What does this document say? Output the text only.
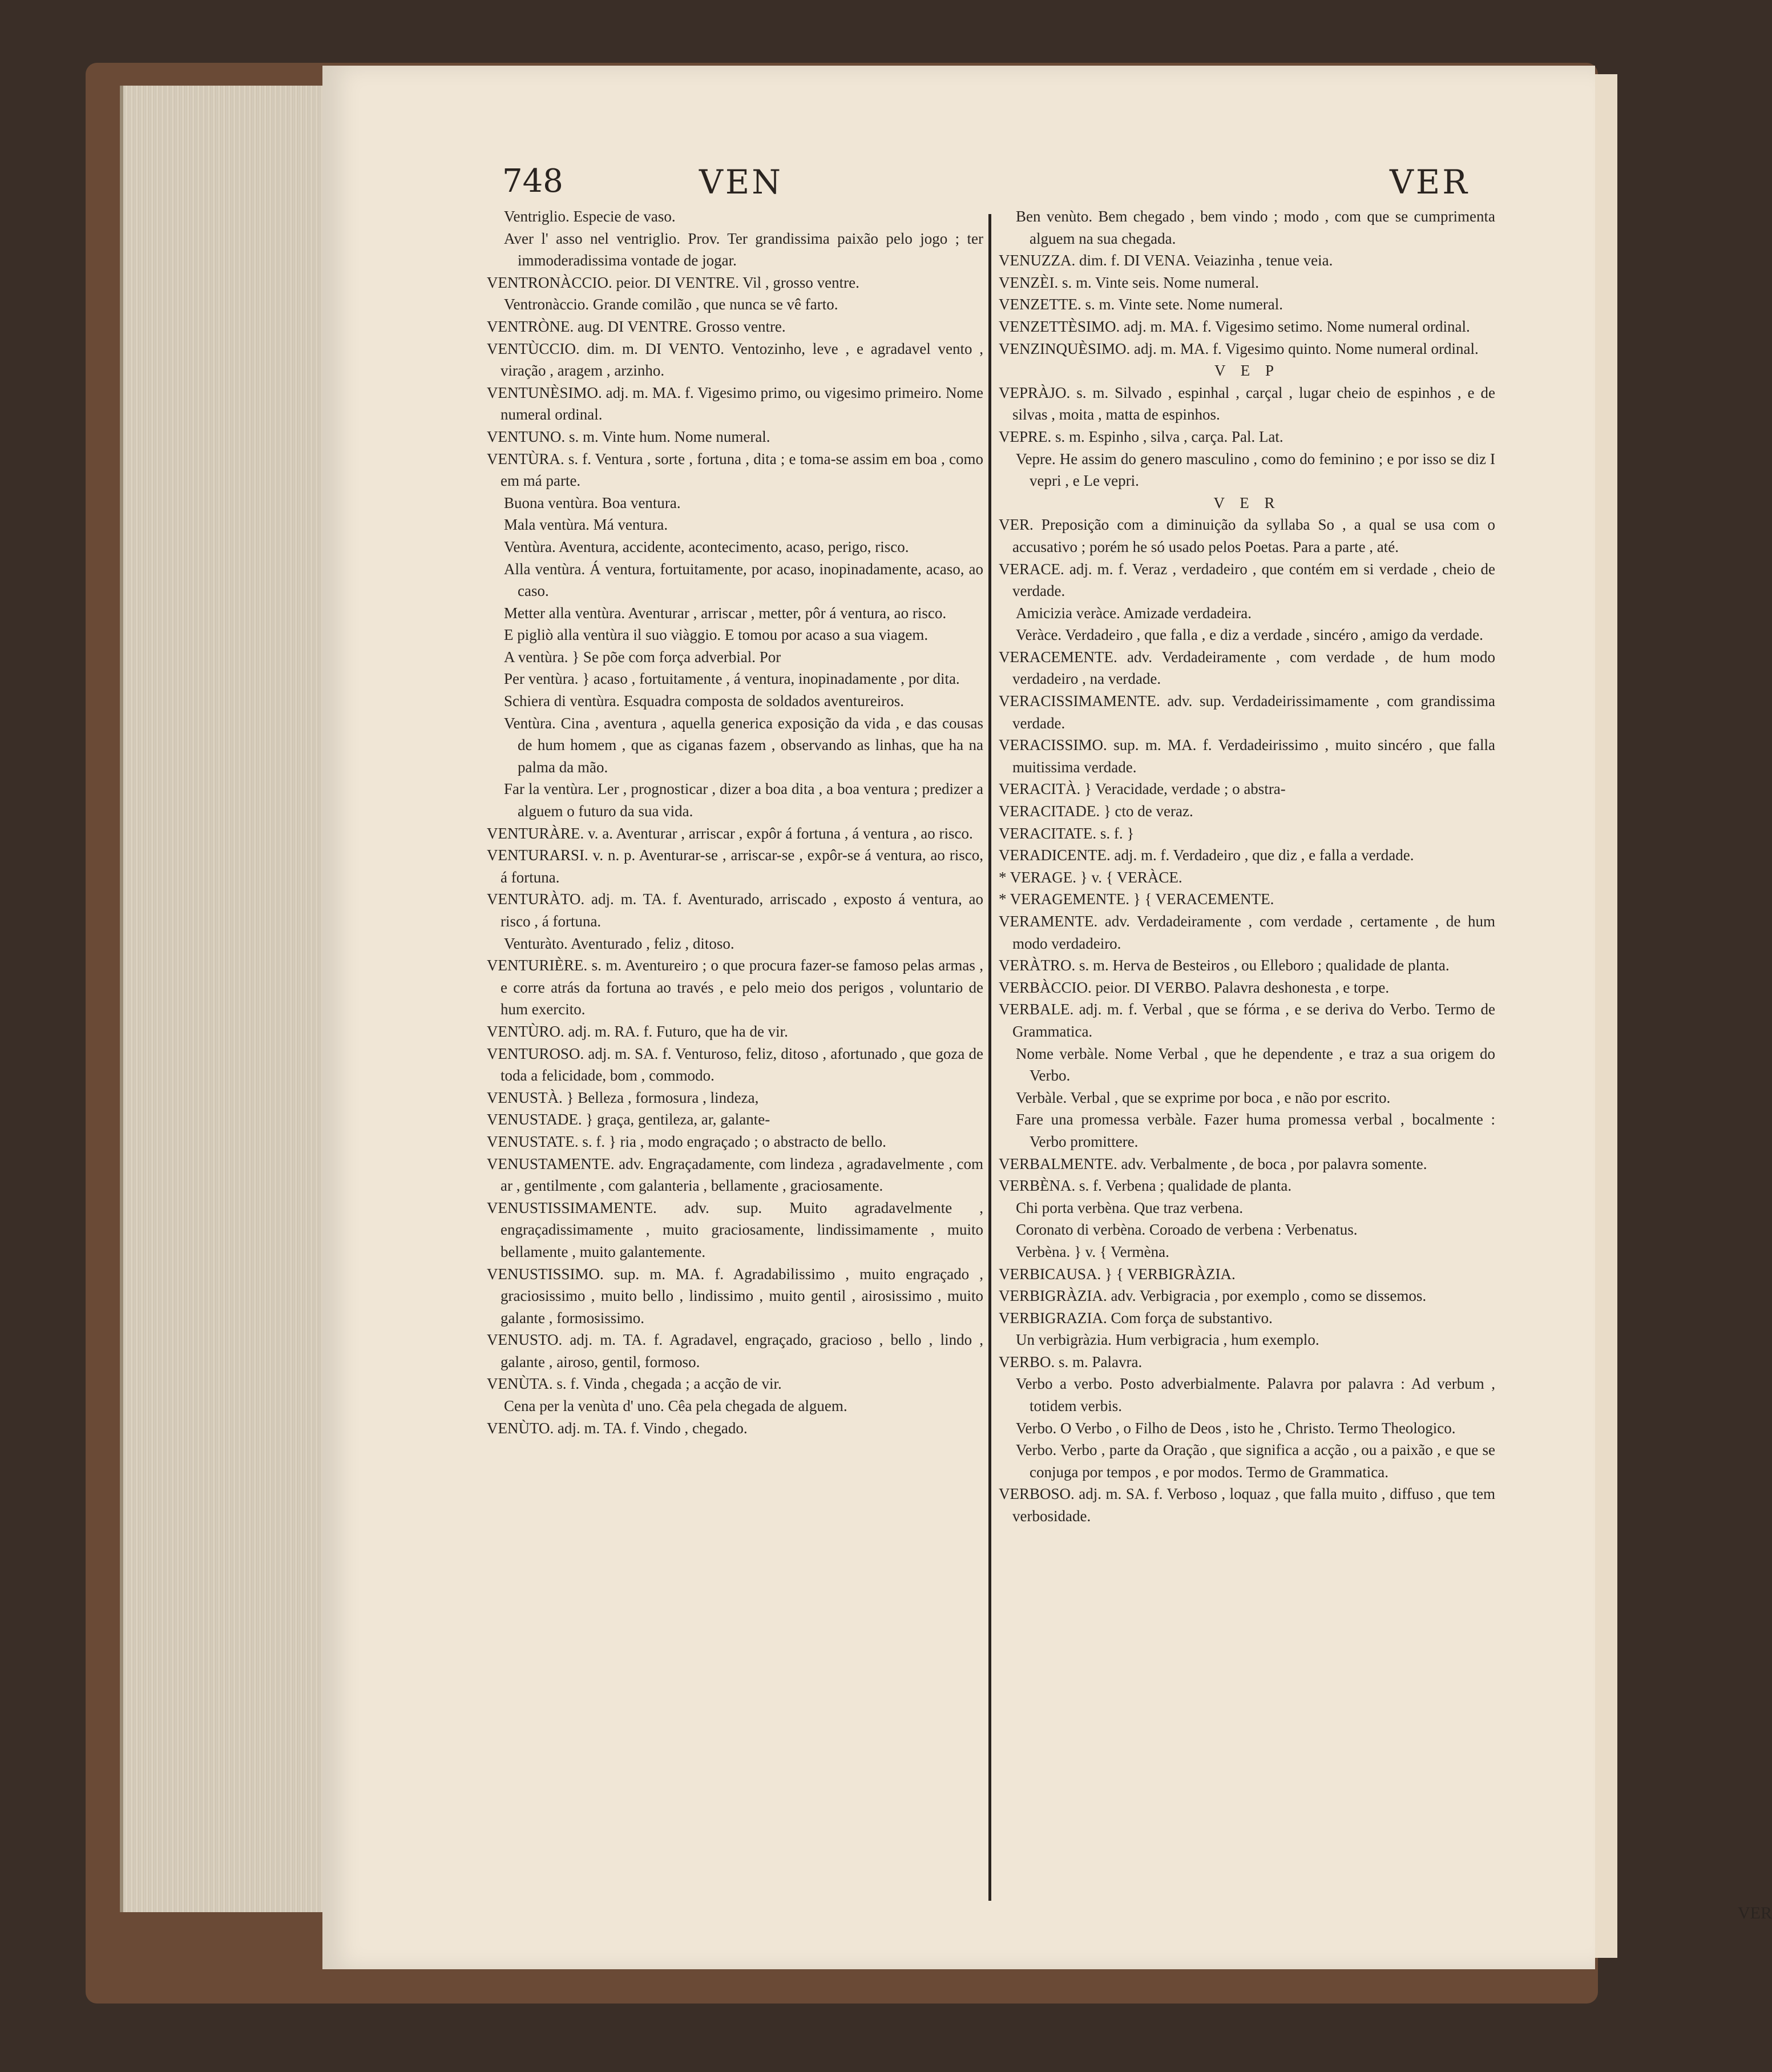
748	VEN	VER

Ventriglio. Especie de vaso.

Aver l' asso nel ventriglio. Prov. Ter grandissima paixão pelo jogo ; ter immoderadissima vontade de jogar.

VENTRONÀCCIO. peior. DI VENTRE. Vil , grosso ventre.

Ventronàccio. Grande comilão , que nunca se vê farto.

VENTRÒNE. aug. DI VENTRE. Grosso ventre.

VENTÙCCIO. dim. m. DI VENTO. Ventozinho, leve , e agradavel vento , viração , aragem , arzinho.

VENTUNÈSIMO. adj. m. MA. f. Vigesimo primo, ou vigesimo primeiro. Nome numeral ordinal.

VENTUNO. s. m. Vinte hum. Nome numeral.

VENTÙRA. s. f. Ventura , sorte , fortuna , dita ; e toma-se assim em boa , como em má parte.

Buona ventùra. Boa ventura.

Mala ventùra. Má ventura.

Ventùra. Aventura, accidente, acontecimento, acaso, perigo, risco.

Alla ventùra. Á ventura, fortuitamente, por acaso, inopinadamente, acaso, ao caso.

Metter alla ventùra. Aventurar , arriscar , metter, pôr á ventura, ao risco.

E pigliò alla ventùra il suo viàggio. E tomou por acaso a sua viagem.

A ventùra. } Se põe com força adverbial. Por

Per ventùra. } acaso , fortuitamente , á ventura, inopinadamente , por dita.

Schiera di ventùra. Esquadra composta de soldados aventureiros.

Ventùra. Cina , aventura , aquella generica exposição da vida , e das cousas de hum homem , que as ciganas fazem , observando as linhas, que ha na palma da mão.

Far la ventùra. Ler , prognosticar , dizer a boa dita , a boa ventura ; predizer a alguem o futuro da sua vida.

VENTURÀRE. v. a. Aventurar , arriscar , expôr á fortuna , á ventura , ao risco.

VENTURARSI. v. n. p. Aventurar-se , arriscar-se , expôr-se á ventura, ao risco, á fortuna.

VENTURÀTO. adj. m. TA. f. Aventurado, arriscado , exposto á ventura, ao risco , á fortuna.

Venturàto. Aventurado , feliz , ditoso.

VENTURIÈRE. s. m. Aventureiro ; o que procura fazer-se famoso pelas armas , e corre atrás da fortuna ao través , e pelo meio dos perigos , voluntario de hum exercito.

VENTÙRO. adj. m. RA. f. Futuro, que ha de vir.

VENTUROSO. adj. m. SA. f. Venturoso, feliz, ditoso , afortunado , que goza de toda a felicidade, bom , commodo.

VENUSTÀ. } Belleza , formosura , lindeza,

VENUSTADE. } graça, gentileza, ar, galante-

VENUSTATE. s. f. } ria , modo engraçado ; o abstracto de bello.

VENUSTAMENTE. adv. Engraçadamente, com lindeza , agradavelmente , com ar , gentilmente , com galanteria , bellamente , graciosamente.

VENUSTISSIMAMENTE. adv. sup. Muito agradavelmente , engraçadissimamente , muito graciosamente, lindissimamente , muito bellamente , muito galantemente.

VENUSTISSIMO. sup. m. MA. f. Agradabilissimo , muito engraçado , graciosissimo , muito bello , lindissimo , muito gentil , airosissimo , muito galante , formosissimo.

VENUSTO. adj. m. TA. f. Agradavel, engraçado, gracioso , bello , lindo , galante , airoso, gentil, formoso.

VENÙTA. s. f. Vinda , chegada ; a acção de vir.

Cena per la venùta d' uno. Cêa pela chegada de alguem.

VENÙTO. adj. m. TA. f. Vindo , chegado.

Ben venùto. Bem chegado , bem vindo ; modo , com que se cumprimenta alguem na sua chegada.

VENUZZA. dim. f. DI VENA. Veiazinha , tenue veia.

VENZÈI. s. m. Vinte seis. Nome numeral.

VENZETTE. s. m. Vinte sete. Nome numeral.

VENZETTÈSIMO. adj. m. MA. f. Vigesimo setimo. Nome numeral ordinal.

VENZINQUÈSIMO. adj. m. MA. f. Vigesimo quinto. Nome numeral ordinal.

V E P

VEPRÀJO. s. m. Silvado , espinhal , carçal , lugar cheio de espinhos , e de silvas , moita , matta de espinhos.

VEPRE. s. m. Espinho , silva , carça. Pal. Lat.

Vepre. He assim do genero masculino , como do feminino ; e por isso se diz I vepri , e Le vepri.

V E R

VER. Preposição com a diminuição da syllaba So , a qual se usa com o accusativo ; porém he só usado pelos Poetas. Para a parte , até.

VERACE. adj. m. f. Veraz , verdadeiro , que contém em si verdade , cheio de verdade.

Amicizia veràce. Amizade verdadeira.

Veràce. Verdadeiro , que falla , e diz a verdade , sincéro , amigo da verdade.

VERACEMENTE. adv. Verdadeiramente , com verdade , de hum modo verdadeiro , na verdade.

VERACISSIMAMENTE. adv. sup. Verdadeirissimamente , com grandissima verdade.

VERACISSIMO. sup. m. MA. f. Verdadeirissimo , muito sincéro , que falla muitissima verdade.

VERACITÀ. } Veracidade, verdade ; o abstra-

VERACITADE. } cto de veraz.

VERACITATE. s. f. }

VERADICENTE. adj. m. f. Verdadeiro , que diz , e falla a verdade.

* VERAGE. } v. { VERÀCE.

* VERAGEMENTE. } { VERACEMENTE.

VERAMENTE. adv. Verdadeiramente , com verdade , certamente , de hum modo verdadeiro.

VERÀTRO. s. m. Herva de Besteiros , ou Elleboro ; qualidade de planta.

VERBÀCCIO. peior. DI VERBO. Palavra deshonesta , e torpe.

VERBALE. adj. m. f. Verbal , que se fórma , e se deriva do Verbo. Termo de Grammatica.

Nome verbàle. Nome Verbal , que he dependente , e traz a sua origem do Verbo.

Verbàle. Verbal , que se exprime por boca , e não por escrito.

Fare una promessa verbàle. Fazer huma promessa verbal , bocalmente : Verbo promittere.

VERBALMENTE. adv. Verbalmente , de boca , por palavra somente.

VERBÈNA. s. f. Verbena ; qualidade de planta.

Chi porta verbèna. Que traz verbena.

Coronato di verbèna. Coroado de verbena : Verbenatus.

Verbèna. } v. { Vermèna.

VERBICAUSA. } { VERBIGRÀZIA.

VERBIGRÀZIA. adv. Verbigracia , por exemplo , como se dissemos.

VERBIGRAZIA. Com força de substantivo.

Un verbigràzia. Hum verbigracia , hum exemplo.

VERBO. s. m. Palavra.

Verbo a verbo. Posto adverbialmente. Palavra por palavra : Ad verbum , totidem verbis.

Verbo. O Verbo , o Filho de Deos , isto he , Christo. Termo Theologico.

Verbo. Verbo , parte da Oração , que significa a acção , ou a paixão , e que se conjuga por tempos , e por modos. Termo de Grammatica.

VERBOSO. adj. m. SA. f. Verboso , loquaz , que falla muito , diffuso , que tem verbosidade.

VER
